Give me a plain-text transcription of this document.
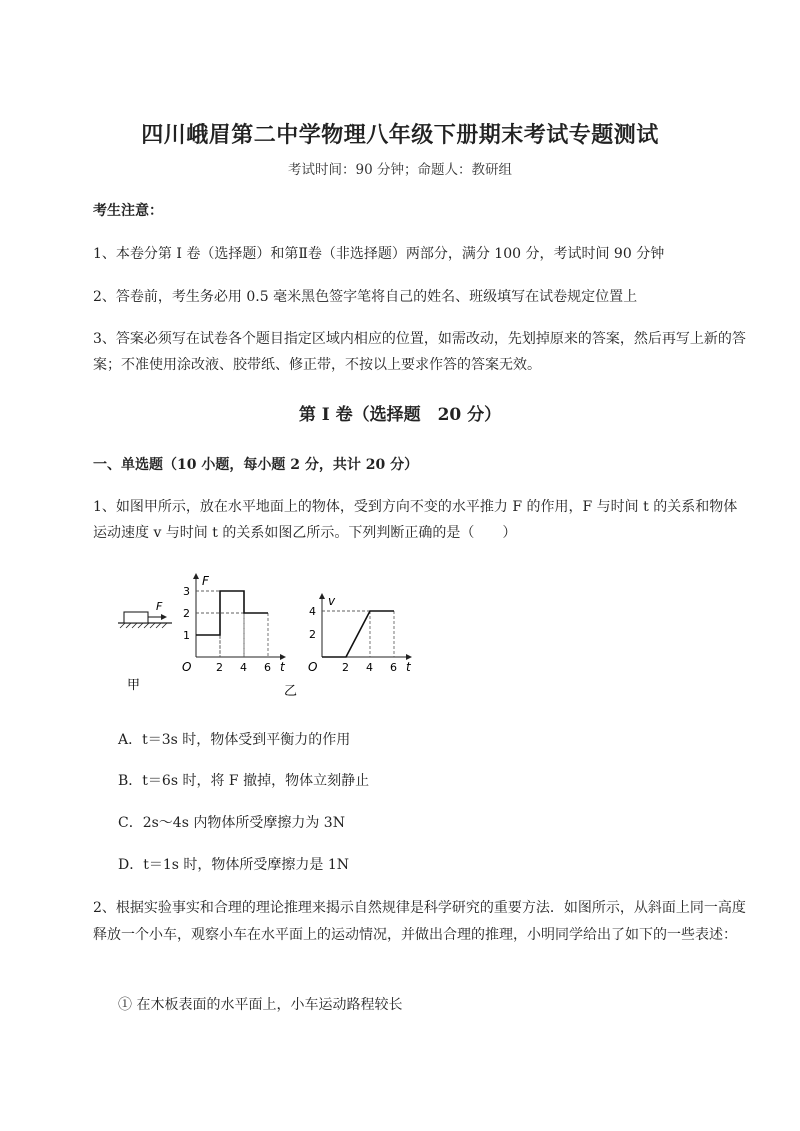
四川峨眉第二中学物理八年级下册期末考试专题测试
考试时间：90 分钟；命题人：教研组
考生注意：
1、本卷分第 I 卷（选择题）和第Ⅱ卷（非选择题）两部分，满分 100 分，考试时间 90 分钟
2、答卷前，考生务必用 0.5 毫米黑色签字笔将自己的姓名、班级填写在试卷规定位置上
3、答案必须写在试卷各个题目指定区域内相应的位置，如需改动，先划掉原来的答案，然后再写上新的答案；不准使用涂改液、胶带纸、修正带，不按以上要求作答的答案无效。
第 I 卷（选择题　20 分）
一、单选题（10 小题，每小题 2 分，共计 20 分）
1、如图甲所示，放在水平地面上的物体，受到方向不变的水平推力 F 的作用，F 与时间 t 的关系和物体运动速度 v 与时间 t 的关系如图乙所示。下列判断正确的是（　　）
F
甲
O	t
F
2 4 6
1
2
3
O	t
v
2 4 6
2
4
乙
A．t＝3s 时，物体受到平衡力的作用
B．t＝6s 时，将 F 撤掉，物体立刻静止
C．2s～4s 内物体所受摩擦力为 3N
D．t＝1s 时，物体所受摩擦力是 1N
2、根据实验事实和合理的理论推理来揭示自然规律是科学研究的重要方法．如图所示，从斜面上同一高度释放一个小车，观察小车在水平面上的运动情况，并做出合理的推理，小明同学给出了如下的一些表述：
① 在木板表面的水平面上，小车运动路程较长
